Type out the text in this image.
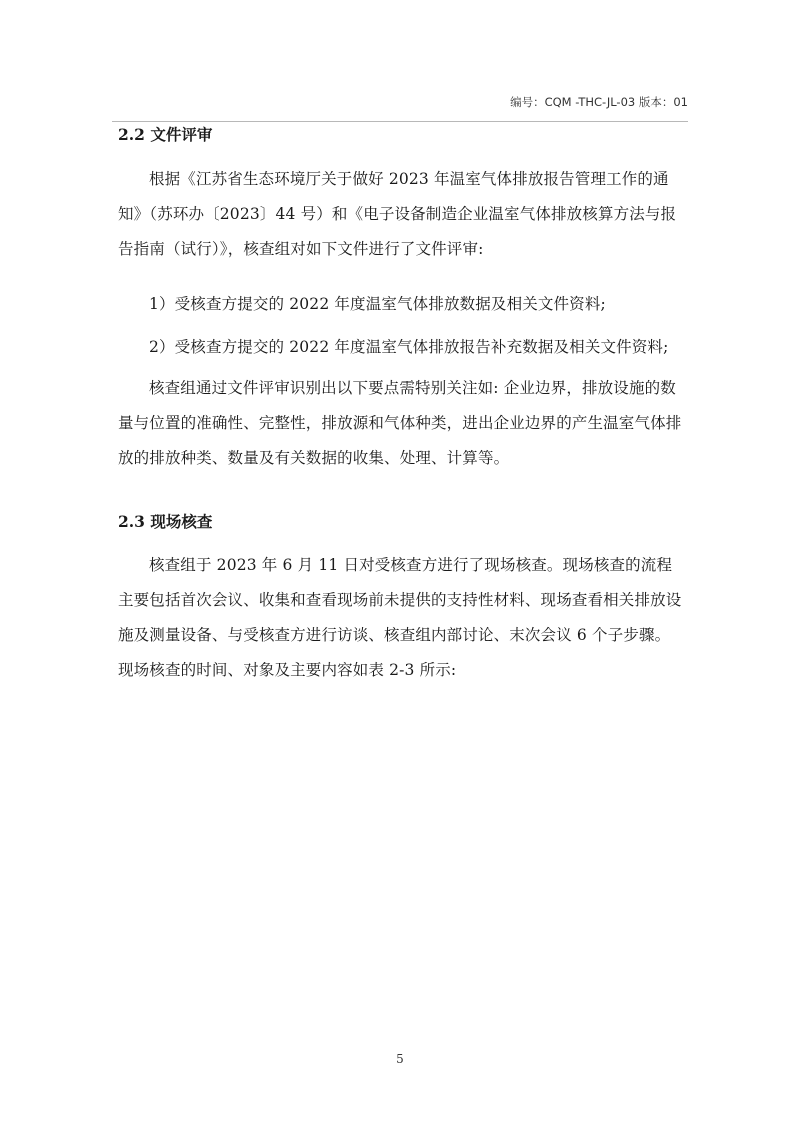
编号：CQM -THC-JL-03 版本：01
2.2 文件评审

根据《江苏省生态环境厅关于做好 2023 年温室气体排放报告管理工作的通知》（苏环办〔2023〕44 号）和《电子设备制造企业温室气体排放核算方法与报告指南（试行）》，核查组对如下文件进行了文件评审:

1）受核查方提交的 2022 年度温室气体排放数据及相关文件资料;

2）受核查方提交的 2022 年度温室气体排放报告补充数据及相关文件资料;

核查组通过文件评审识别出以下要点需特别关注如: 企业边界，排放设施的数量与位置的准确性、完整性，排放源和气体种类，进出企业边界的产生温室气体排放的排放种类、数量及有关数据的收集、处理、计算等。

2.3 现场核查

核查组于 2023 年 6 月 11 日对受核查方进行了现场核查。现场核查的流程主要包括首次会议、收集和查看现场前未提供的支持性材料、现场查看相关排放设施及测量设备、与受核查方进行访谈、核查组内部讨论、末次会议 6 个子步骤。现场核查的时间、对象及主要内容如表 2-3 所示:

5
